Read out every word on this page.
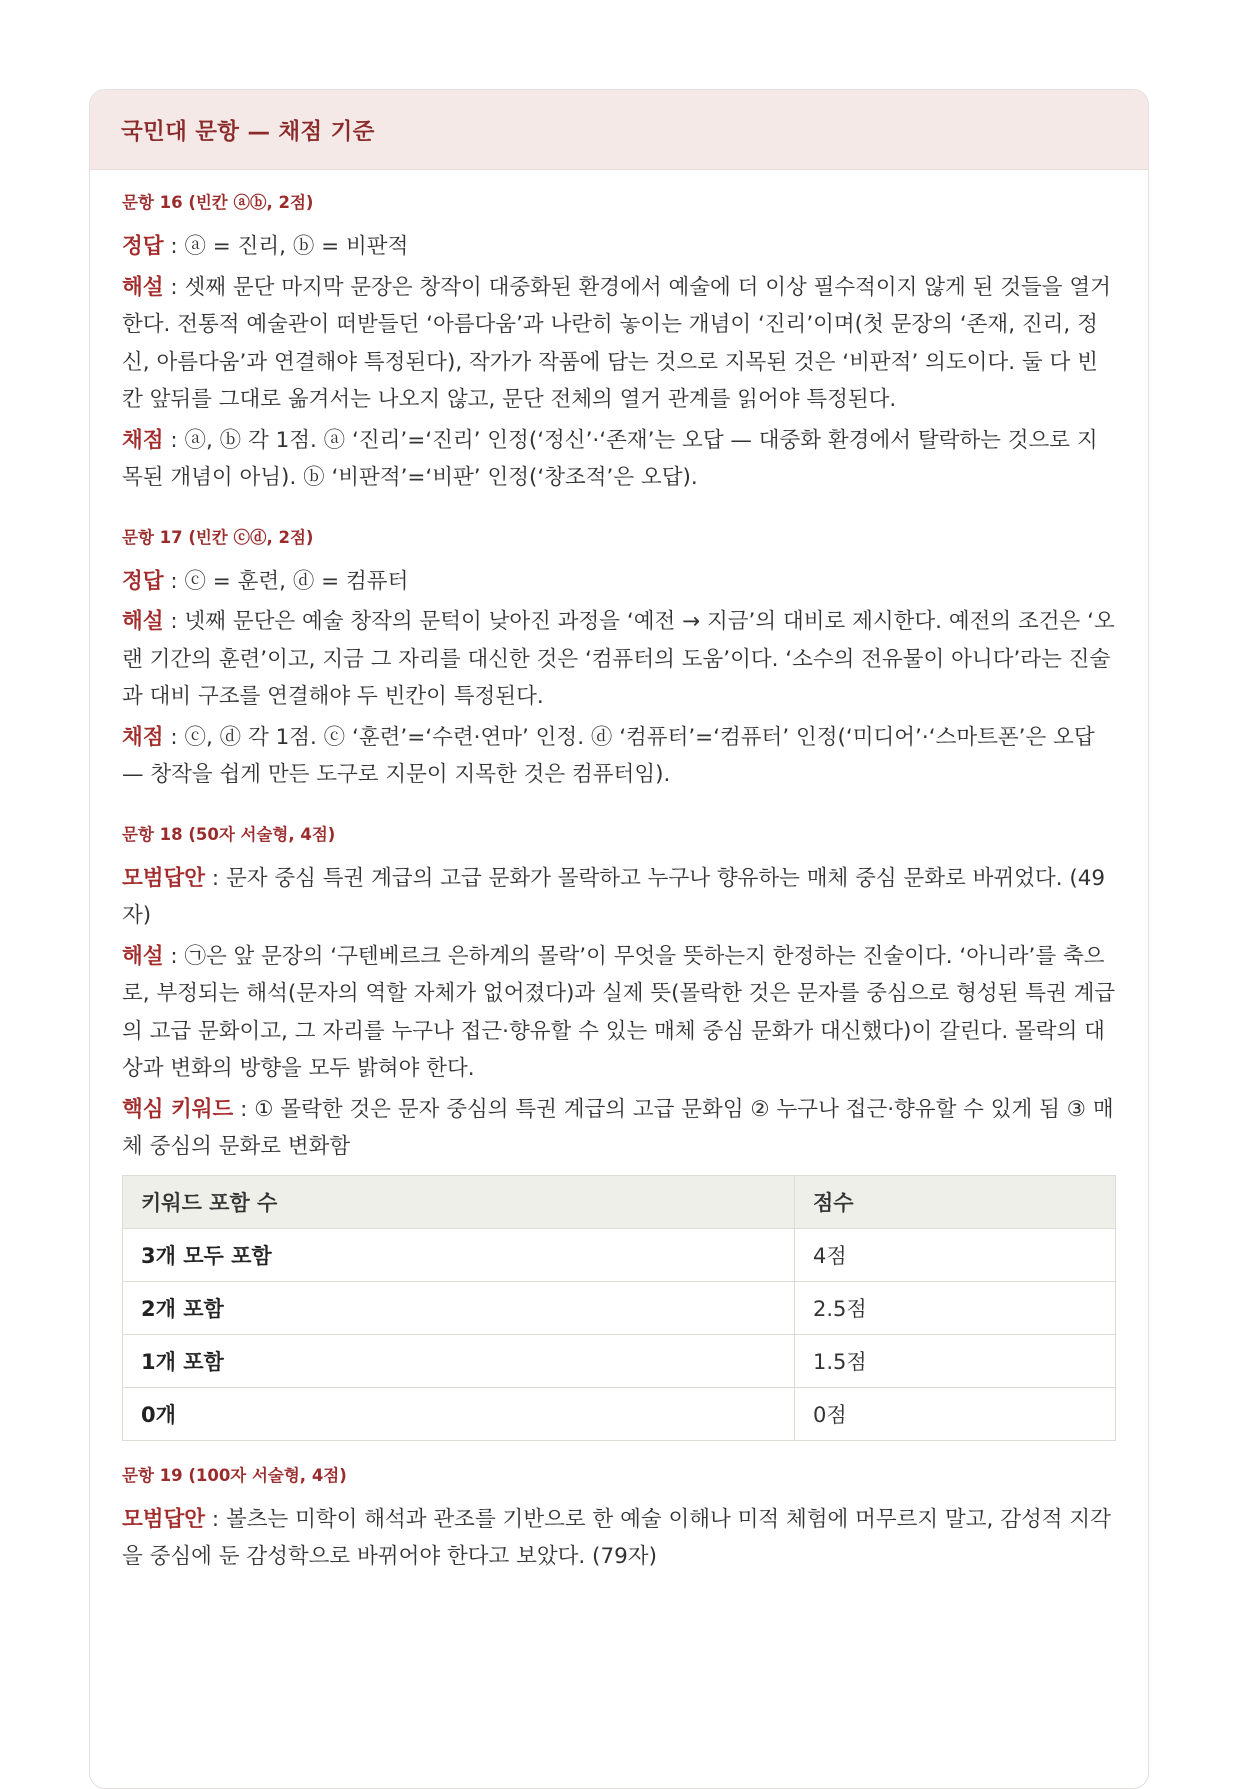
국민대 문항 — 채점 기준
문항 16 (빈칸 ⓐⓑ, 2점)

정답 : ⓐ = 진리, ⓑ = 비판적

해설 : 셋째 문단 마지막 문장은 창작이 대중화된 환경에서 예술에 더 이상 필수적이지 않게 된 것들을 열거한다. 전통적 예술관이 떠받들던 ‘아름다움’과 나란히 놓이는 개념이 ‘진리’이며(첫 문장의 ‘존재, 진리, 정신, 아름다움’과 연결해야 특정된다), 작가가 작품에 담는 것으로 지목된 것은 ‘비판적’ 의도이다. 둘 다 빈칸 앞뒤를 그대로 옮겨서는 나오지 않고, 문단 전체의 열거 관계를 읽어야 특정된다.

채점 : ⓐ, ⓑ 각 1점. ⓐ ‘진리’=‘진리’ 인정(‘정신’·‘존재’는 오답 — 대중화 환경에서 탈락하는 것으로 지목된 개념이 아님). ⓑ ‘비판적’=‘비판’ 인정(‘창조적’은 오답).

문항 17 (빈칸 ⓒⓓ, 2점)

정답 : ⓒ = 훈련, ⓓ = 컴퓨터

해설 : 넷째 문단은 예술 창작의 문턱이 낮아진 과정을 ‘예전 → 지금’의 대비로 제시한다. 예전의 조건은 ‘오랜 기간의 훈련’이고, 지금 그 자리를 대신한 것은 ‘컴퓨터의 도움’이다. ‘소수의 전유물이 아니다’라는 진술과 대비 구조를 연결해야 두 빈칸이 특정된다.

채점 : ⓒ, ⓓ 각 1점. ⓒ ‘훈련’=‘수련·연마’ 인정. ⓓ ‘컴퓨터’=‘컴퓨터’ 인정(‘미디어’·‘스마트폰’은 오답 — 창작을 쉽게 만든 도구로 지문이 지목한 것은 컴퓨터임).

문항 18 (50자 서술형, 4점)

모범답안 : 문자 중심 특권 계급의 고급 문화가 몰락하고 누구나 향유하는 매체 중심 문화로 바뀌었다. (49자)

해설 : ㉠은 앞 문장의 ‘구텐베르크 은하계의 몰락’이 무엇을 뜻하는지 한정하는 진술이다. ‘아니라’를 축으로, 부정되는 해석(문자의 역할 자체가 없어졌다)과 실제 뜻(몰락한 것은 문자를 중심으로 형성된 특권 계급의 고급 문화이고, 그 자리를 누구나 접근·향유할 수 있는 매체 중심 문화가 대신했다)이 갈린다. 몰락의 대상과 변화의 방향을 모두 밝혀야 한다.

핵심 키워드 : ① 몰락한 것은 문자 중심의 특권 계급의 고급 문화임 ② 누구나 접근·향유할 수 있게 됨 ③ 매체 중심의 문화로 변화함

키워드 포함 수	점수
3개 모두 포함	4점
2개 포함	2.5점
1개 포함	1.5점
0개	0점
문항 19 (100자 서술형, 4점)

모범답안 : 볼츠는 미학이 해석과 관조를 기반으로 한 예술 이해나 미적 체험에 머무르지 말고, 감성적 지각을 중심에 둔 감성학으로 바뀌어야 한다고 보았다. (79자)
